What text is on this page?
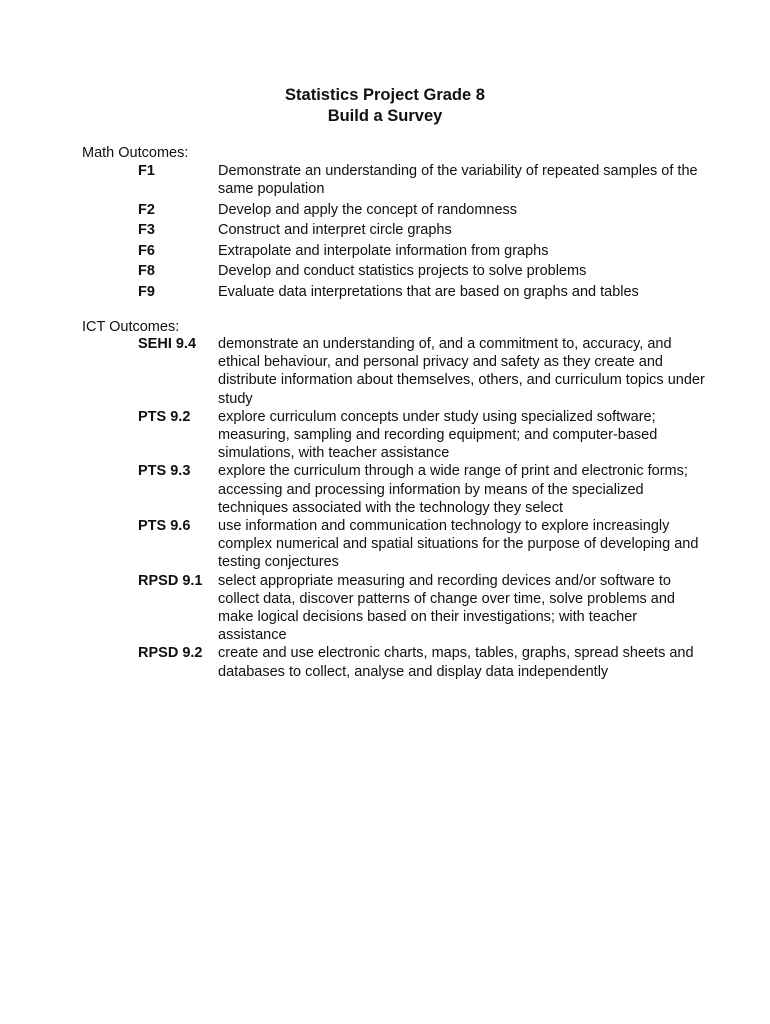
Statistics Project Grade 8
Build a Survey
Math Outcomes:
F1	Demonstrate an understanding of the variability of repeated samples of the same population
F2	Develop and apply the concept of randomness
F3	Construct and interpret circle graphs
F6	Extrapolate and interpolate information from graphs
F8	Develop and conduct statistics projects to solve problems
F9	Evaluate data interpretations that are based on graphs and tables
ICT Outcomes:
SEHI 9.4	demonstrate an understanding of, and a commitment to, accuracy, and ethical behaviour, and personal privacy and safety as they create and distribute information about themselves, others, and curriculum topics under study
PTS 9.2	explore curriculum concepts under study using specialized software; measuring, sampling and recording equipment; and computer-based simulations, with teacher assistance
PTS 9.3	explore the curriculum through a wide range of print and electronic forms; accessing and processing information by means of the specialized techniques associated with the technology they select
PTS 9.6	use information and communication technology to explore increasingly complex numerical and spatial situations for the purpose of developing and testing conjectures
RPSD 9.1	select appropriate measuring and recording devices and/or software to collect data, discover patterns of change over time, solve problems and make logical decisions based on their investigations; with teacher assistance
RPSD 9.2	create and use electronic charts, maps, tables, graphs, spread sheets and databases to collect, analyse and display data independently
